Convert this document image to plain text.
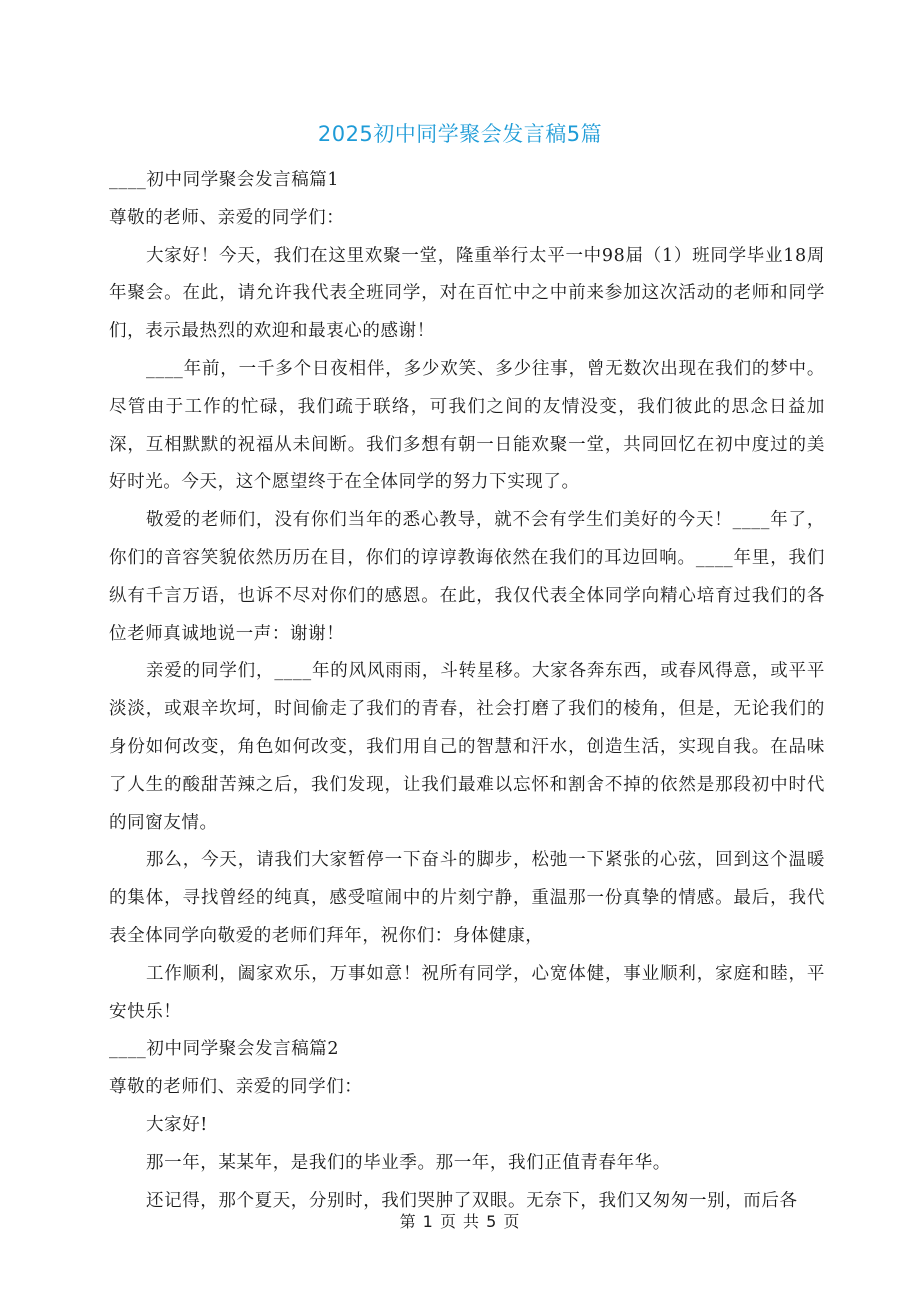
2025初中同学聚会发言稿5篇

____初中同学聚会发言稿篇1

尊敬的老师、亲爱的同学们：

大家好！今天，我们在这里欢聚一堂，隆重举行太平一中98届（1）班同学毕业18周年聚会。在此，请允许我代表全班同学，对在百忙中之中前来参加这次活动的老师和同学们，表示最热烈的欢迎和最衷心的感谢！

____年前，一千多个日夜相伴，多少欢笑、多少往事，曾无数次出现在我们的梦中。尽管由于工作的忙碌，我们疏于联络，可我们之间的友情没变，我们彼此的思念日益加深，互相默默的祝福从未间断。我们多想有朝一日能欢聚一堂，共同回忆在初中度过的美好时光。今天，这个愿望终于在全体同学的努力下实现了。

敬爱的老师们，没有你们当年的悉心教导，就不会有学生们美好的今天！____年了，你们的音容笑貌依然历历在目，你们的谆谆教诲依然在我们的耳边回响。____年里，我们纵有千言万语，也诉不尽对你们的感恩。在此，我仅代表全体同学向精心培育过我们的各位老师真诚地说一声：谢谢！

亲爱的同学们，____年的风风雨雨，斗转星移。大家各奔东西，或春风得意，或平平淡淡，或艰辛坎坷，时间偷走了我们的青春，社会打磨了我们的棱角，但是，无论我们的身份如何改变，角色如何改变，我们用自己的智慧和汗水，创造生活，实现自我。在品味了人生的酸甜苦辣之后，我们发现，让我们最难以忘怀和割舍不掉的依然是那段初中时代的同窗友情。

那么，今天，请我们大家暂停一下奋斗的脚步，松弛一下紧张的心弦，回到这个温暖的集体，寻找曾经的纯真，感受喧闹中的片刻宁静，重温那一份真挚的情感。最后，我代表全体同学向敬爱的老师们拜年，祝你们：身体健康，

工作顺利，阖家欢乐，万事如意！祝所有同学，心宽体健，事业顺利，家庭和睦，平安快乐！

____初中同学聚会发言稿篇2

尊敬的老师们、亲爱的同学们：

大家好!

那一年，某某年，是我们的毕业季。那一年，我们正值青春年华。

还记得，那个夏天，分别时，我们哭肿了双眼。无奈下，我们又匆匆一别，而后各

第 1 页 共 5 页
